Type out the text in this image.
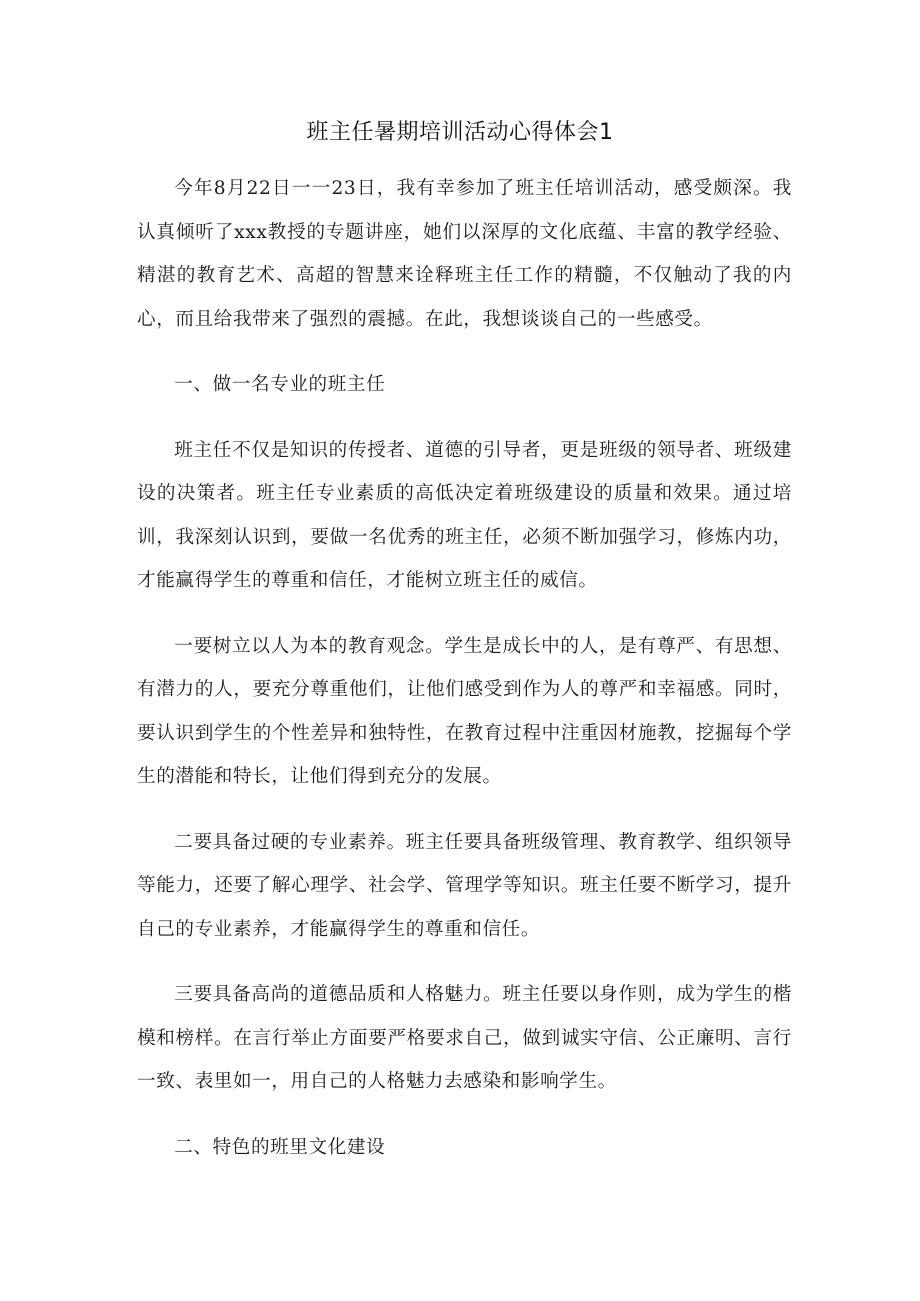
班主任暑期培训活动心得体会1

今年8月22日一一23日，我有幸参加了班主任培训活动，感受颇深。我认真倾听了xxx教授的专题讲座，她们以深厚的文化底蕴、丰富的教学经验、精湛的教育艺术、高超的智慧来诠释班主任工作的精髓，不仅触动了我的内心，而且给我带来了强烈的震撼。在此，我想谈谈自己的一些感受。

一、做一名专业的班主任

班主任不仅是知识的传授者、道德的引导者，更是班级的领导者、班级建设的决策者。班主任专业素质的高低决定着班级建设的质量和效果。通过培训，我深刻认识到，要做一名优秀的班主任，必须不断加强学习，修炼内功，才能赢得学生的尊重和信任，才能树立班主任的威信。

一要树立以人为本的教育观念。学生是成长中的人，是有尊严、有思想、有潜力的人，要充分尊重他们，让他们感受到作为人的尊严和幸福感。同时，要认识到学生的个性差异和独特性，在教育过程中注重因材施教，挖掘每个学生的潜能和特长，让他们得到充分的发展。

二要具备过硬的专业素养。班主任要具备班级管理、教育教学、组织领导等能力，还要了解心理学、社会学、管理学等知识。班主任要不断学习，提升自己的专业素养，才能赢得学生的尊重和信任。

三要具备高尚的道德品质和人格魅力。班主任要以身作则，成为学生的楷模和榜样。在言行举止方面要严格要求自己，做到诚实守信、公正廉明、言行一致、表里如一，用自己的人格魅力去感染和影响学生。

二、特色的班里文化建设
